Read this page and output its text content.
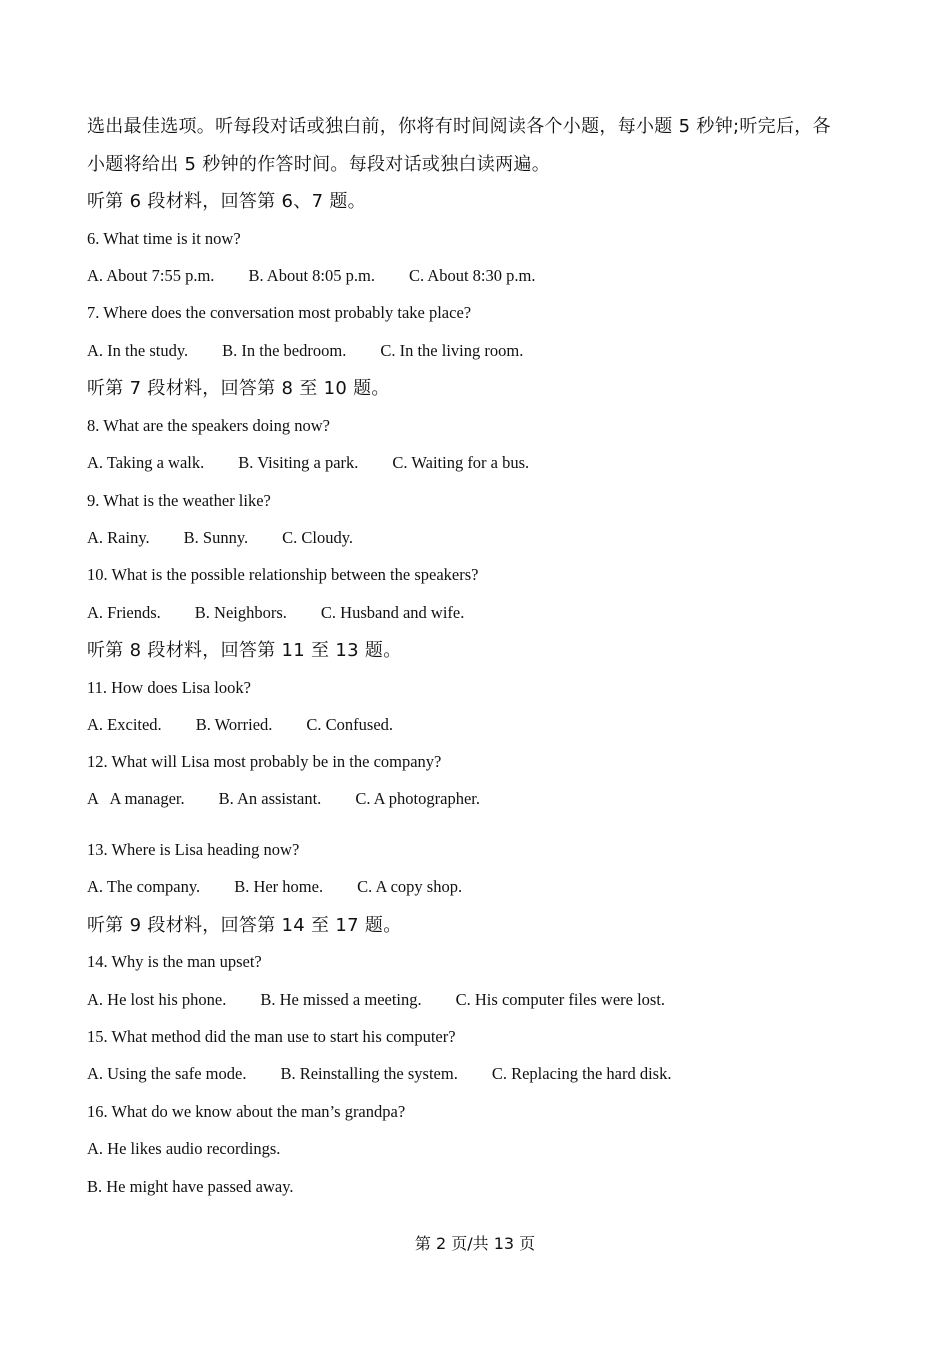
选出最佳选项。听每段对话或独白前，你将有时间阅读各个小题，每小题 5 秒钟;听完后，各
小题将给出 5 秒钟的作答时间。每段对话或独白读两遍。
听第 6 段材料，回答第 6、7 题。
6. What time is it now?
A. About 7:55 p.m. B. About 8:05 p.m. C. About 8:30 p.m.
7. Where does the conversation most probably take place?
A. In the study. B. In the bedroom. C. In the living room.
听第 7 段材料，回答第 8 至 10 题。
8. What are the speakers doing now?
A. Taking a walk. B. Visiting a park. C. Waiting for a bus.
9. What is the weather like?
A. Rainy. B. Sunny. C. Cloudy.
10. What is the possible relationship between the speakers?
A. Friends. B. Neighbors. C. Husband and wife.
听第 8 段材料，回答第 11 至 13 题。
11. How does Lisa look?
A. Excited. B. Worried. C. Confused.
12. What will Lisa most probably be in the company?
A   A manager. B. An assistant. C. A photographer.
13. Where is Lisa heading now?
A. The company. B. Her home. C. A copy shop.
听第 9 段材料，回答第 14 至 17 题。
14. Why is the man upset?
A. He lost his phone. B. He missed a meeting. C. His computer files were lost.
15. What method did the man use to start his computer?
A. Using the safe mode. B. Reinstalling the system. C. Replacing the hard disk.
16. What do we know about the man’s grandpa?
A. He likes audio recordings.
B. He might have passed away.
第 2 页/共 13 页
